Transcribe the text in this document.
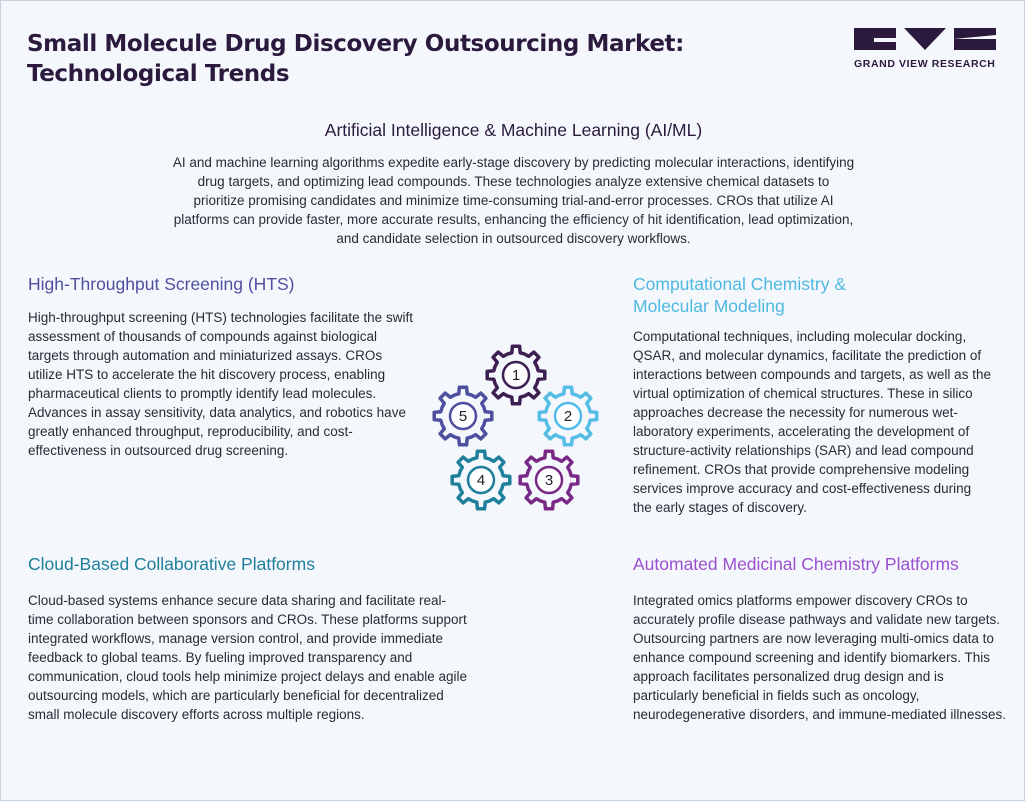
Small Molecule Drug Discovery Outsourcing Market:
Technological Trends	GRAND VIEW RESEARCH
Artificial Intelligence & Machine Learning (AI/ML)

AI and machine learning algorithms expedite early-stage discovery by predicting molecular interactions, identifying drug targets, and optimizing lead compounds. These technologies analyze extensive chemical datasets to prioritize promising candidates and minimize time-consuming trial-and-error processes. CROs that utilize AI platforms can provide faster, more accurate results, enhancing the efficiency of hit identification, lead optimization, and candidate selection in outsourced discovery workflows.

High-Throughput Screening (HTS)

High-throughput screening (HTS) technologies facilitate the swift assessment of thousands of compounds against biological targets through automation and miniaturized assays. CROs utilize HTS to accelerate the hit discovery process, enabling pharmaceutical clients to promptly identify lead molecules. Advances in assay sensitivity, data analytics, and robotics have greatly enhanced throughput, reproducibility, and cost-effectiveness in outsourced drug screening.

Computational Chemistry &
Molecular Modeling

Computational techniques, including molecular docking, QSAR, and molecular dynamics, facilitate the prediction of interactions between compounds and targets, as well as the virtual optimization of chemical structures. These in silico approaches decrease the necessity for numerous wet-laboratory experiments, accelerating the development of structure-activity relationships (SAR) and lead compound refinement. CROs that provide comprehensive modeling services improve accuracy and cost-effectiveness during the early stages of discovery.

Cloud-Based Collaborative Platforms

Cloud-based systems enhance secure data sharing and facilitate real-time collaboration between sponsors and CROs. These platforms support integrated workflows, manage version control, and provide immediate feedback to global teams. By fueling improved transparency and communication, cloud tools help minimize project delays and enable agile outsourcing models, which are particularly beneficial for decentralized small molecule discovery efforts across multiple regions.

Automated Medicinal Chemistry Platforms

Integrated omics platforms empower discovery CROs to accurately profile disease pathways and validate new targets. Outsourcing partners are now leveraging multi-omics data to enhance compound screening and identify biomarkers. This approach facilitates personalized drug design and is particularly beneficial in fields such as oncology, neurodegenerative disorders, and immune-mediated illnesses.

1
2
3
4
5
